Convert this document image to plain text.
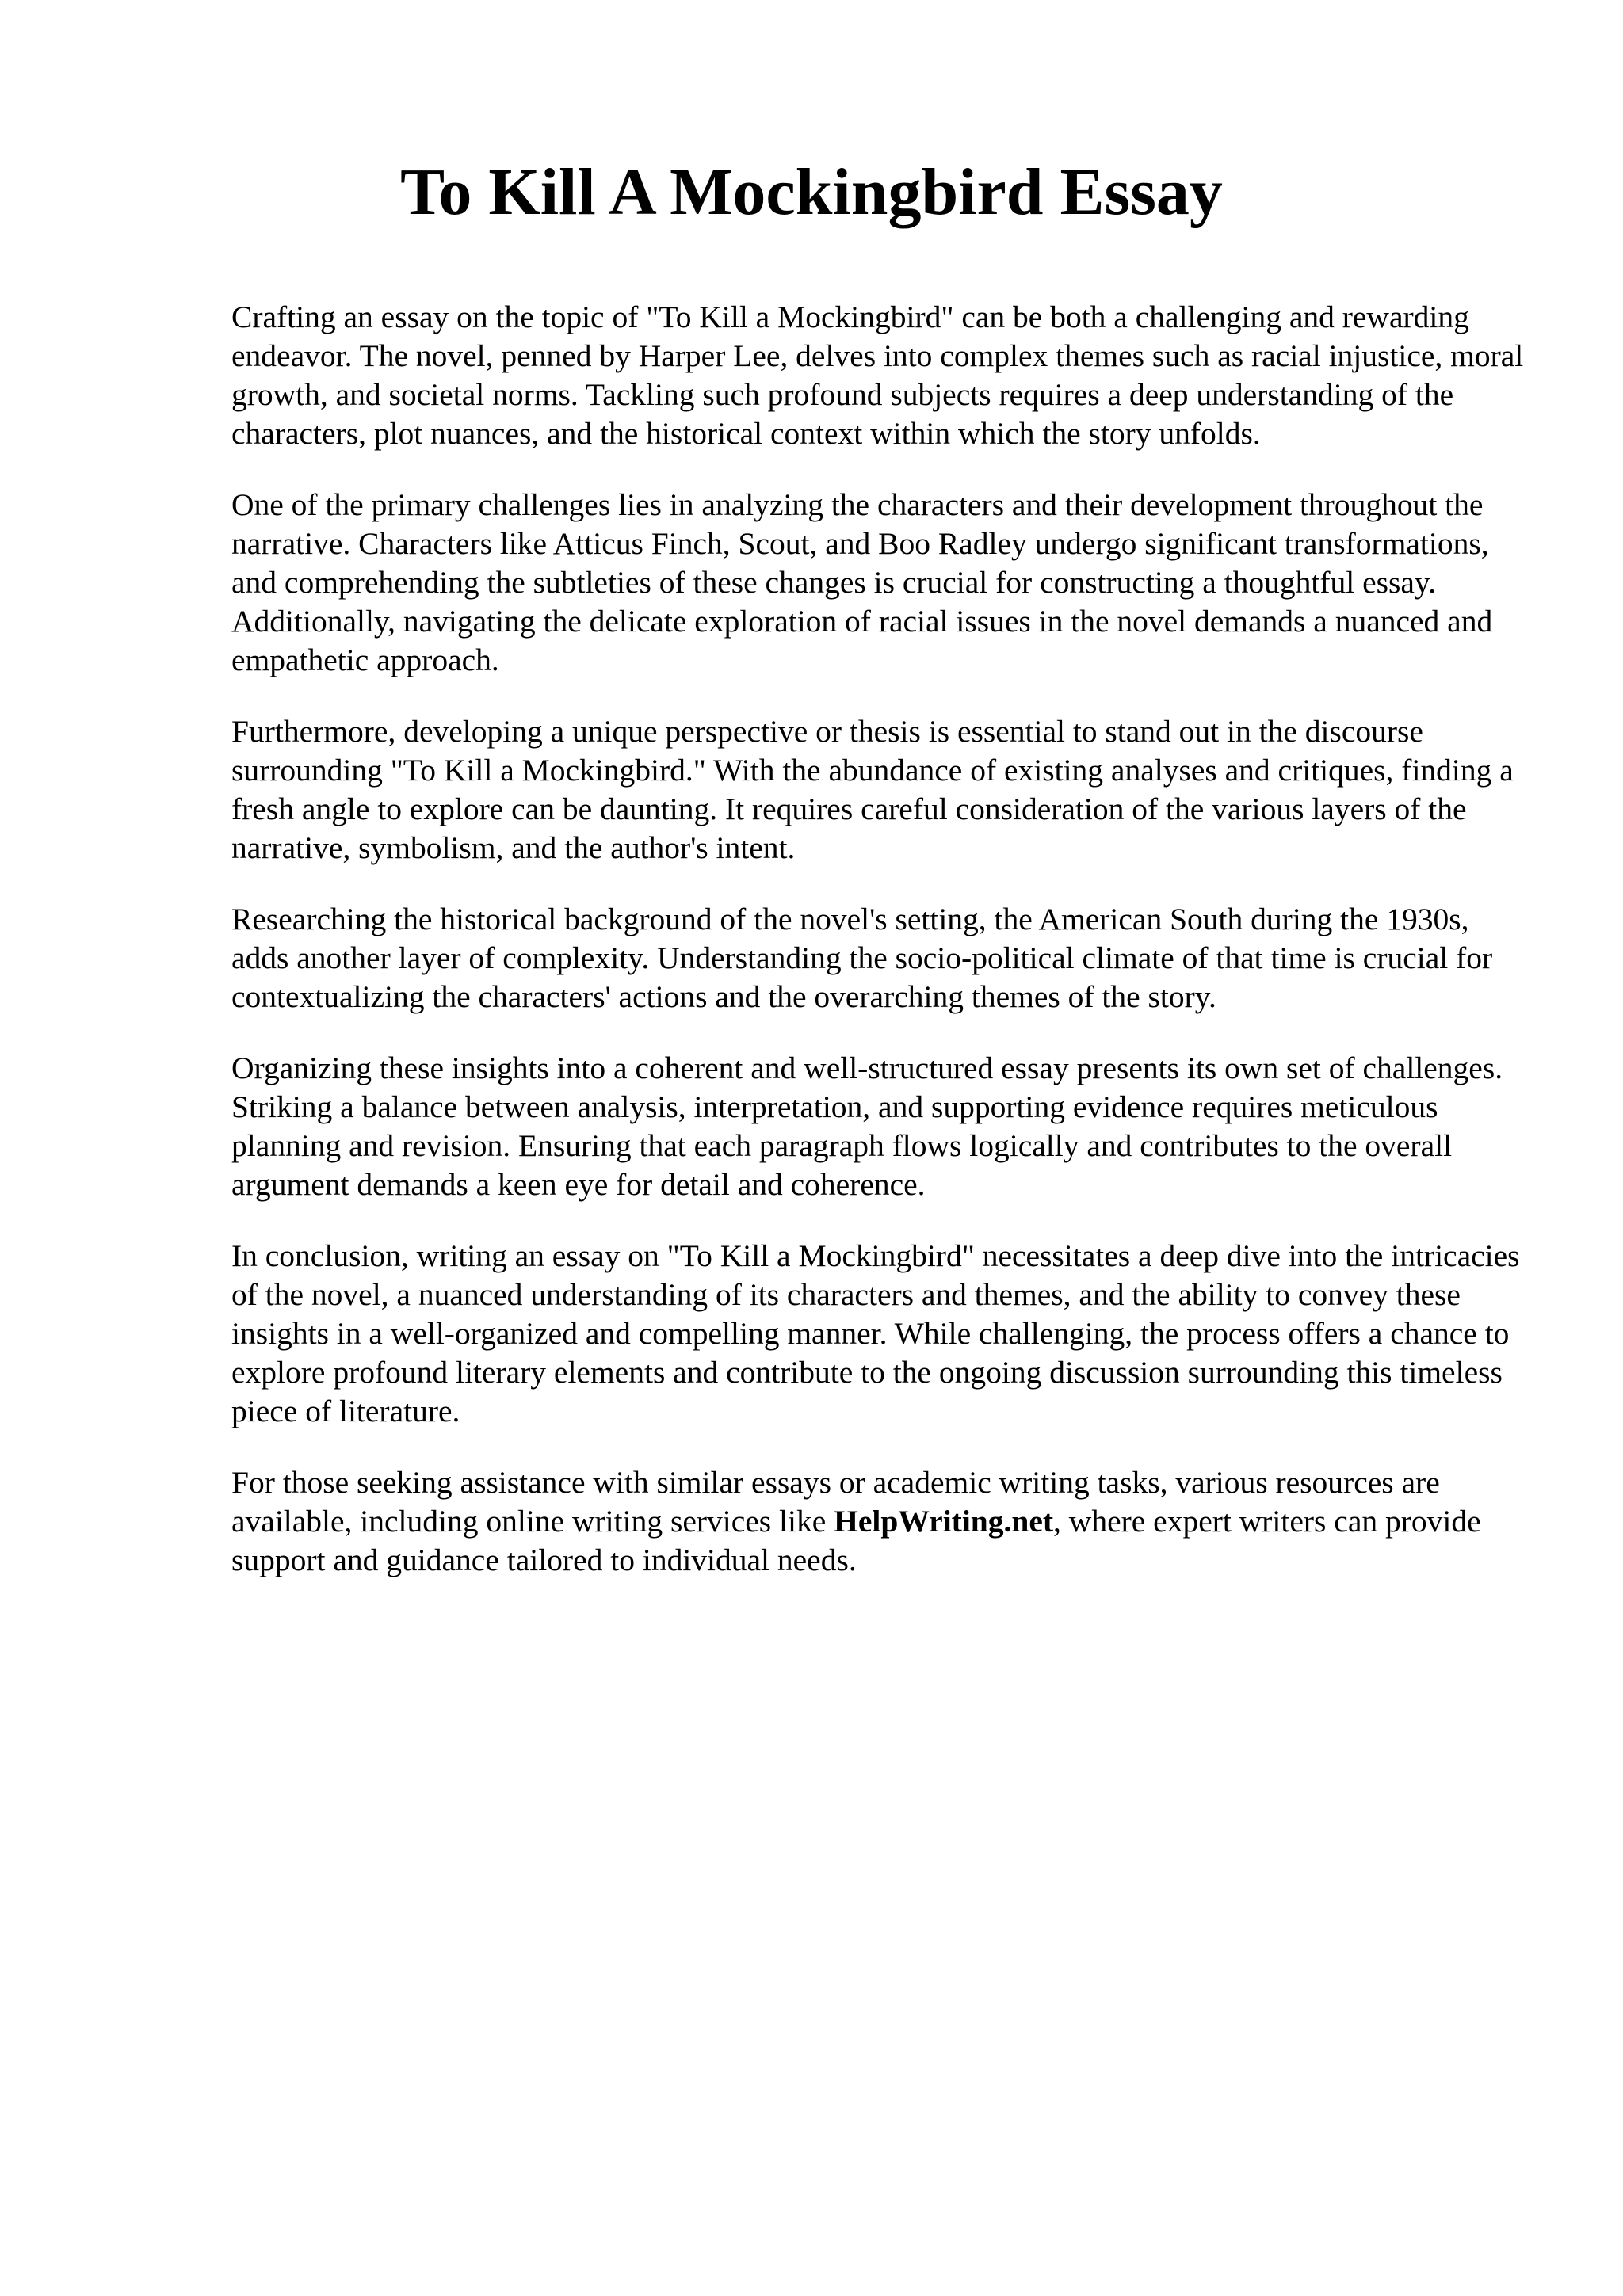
To Kill A Mockingbird Essay

Crafting an essay on the topic of "To Kill a Mockingbird" can be both a challenging and rewarding endeavor. The novel, penned by Harper Lee, delves into complex themes such as racial injustice, moral growth, and societal norms. Tackling such profound subjects requires a deep understanding of the characters, plot nuances, and the historical context within which the story unfolds.

One of the primary challenges lies in analyzing the characters and their development throughout the narrative. Characters like Atticus Finch, Scout, and Boo Radley undergo significant transformations, and comprehending the subtleties of these changes is crucial for constructing a thoughtful essay. Additionally, navigating the delicate exploration of racial issues in the novel demands a nuanced and empathetic approach.

Furthermore, developing a unique perspective or thesis is essential to stand out in the discourse surrounding "To Kill a Mockingbird." With the abundance of existing analyses and critiques, finding a fresh angle to explore can be daunting. It requires careful consideration of the various layers of the narrative, symbolism, and the author's intent.

Researching the historical background of the novel's setting, the American South during the 1930s, adds another layer of complexity. Understanding the socio-political climate of that time is crucial for contextualizing the characters' actions and the overarching themes of the story.

Organizing these insights into a coherent and well-structured essay presents its own set of challenges. Striking a balance between analysis, interpretation, and supporting evidence requires meticulous planning and revision. Ensuring that each paragraph flows logically and contributes to the overall argument demands a keen eye for detail and coherence.

In conclusion, writing an essay on "To Kill a Mockingbird" necessitates a deep dive into the intricacies of the novel, a nuanced understanding of its characters and themes, and the ability to convey these insights in a well-organized and compelling manner. While challenging, the process offers a chance to explore profound literary elements and contribute to the ongoing discussion surrounding this timeless piece of literature.

For those seeking assistance with similar essays or academic writing tasks, various resources are available, including online writing services like HelpWriting.net, where expert writers can provide support and guidance tailored to individual needs.
